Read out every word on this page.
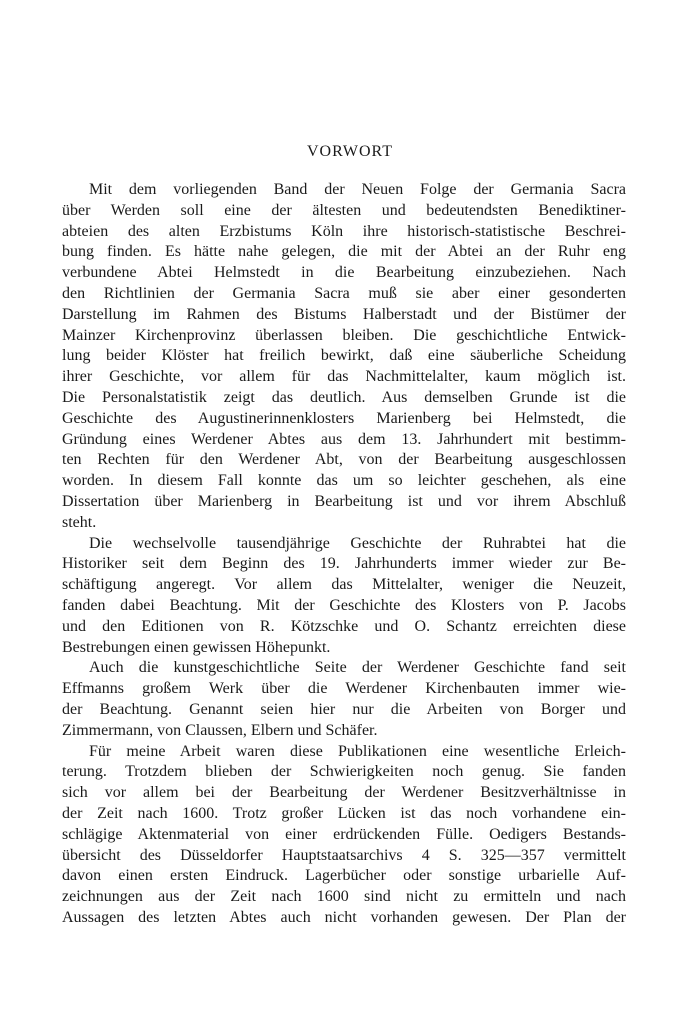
VORWORT
Mit dem vorliegenden Band der Neuen Folge der Germania Sacra
über Werden soll eine der ältesten und bedeutendsten Benediktiner-
abteien des alten Erzbistums Köln ihre historisch-statistische Beschrei-
bung finden. Es hätte nahe gelegen, die mit der Abtei an der Ruhr eng
verbundene Abtei Helmstedt in die Bearbeitung einzubeziehen. Nach
den Richtlinien der Germania Sacra muß sie aber einer gesonderten
Darstellung im Rahmen des Bistums Halberstadt und der Bistümer der
Mainzer Kirchenprovinz überlassen bleiben. Die geschichtliche Entwick-
lung beider Klöster hat freilich bewirkt, daß eine säuberliche Scheidung
ihrer Geschichte, vor allem für das Nachmittelalter, kaum möglich ist.
Die Personalstatistik zeigt das deutlich. Aus demselben Grunde ist die
Geschichte des Augustinerinnenklosters Marienberg bei Helmstedt, die
Gründung eines Werdener Abtes aus dem 13. Jahrhundert mit bestimm-
ten Rechten für den Werdener Abt, von der Bearbeitung ausgeschlossen
worden. In diesem Fall konnte das um so leichter geschehen, als eine
Dissertation über Marienberg in Bearbeitung ist und vor ihrem Abschluß
steht.
Die wechselvolle tausendjährige Geschichte der Ruhrabtei hat die
Historiker seit dem Beginn des 19. Jahrhunderts immer wieder zur Be-
schäftigung angeregt. Vor allem das Mittelalter, weniger die Neuzeit,
fanden dabei Beachtung. Mit der Geschichte des Klosters von P. Jacobs
und den Editionen von R. Kötzschke und O. Schantz erreichten diese
Bestrebungen einen gewissen Höhepunkt.
Auch die kunstgeschichtliche Seite der Werdener Geschichte fand seit
Effmanns großem Werk über die Werdener Kirchenbauten immer wie-
der Beachtung. Genannt seien hier nur die Arbeiten von Borger und
Zimmermann, von Claussen, Elbern und Schäfer.
Für meine Arbeit waren diese Publikationen eine wesentliche Erleich-
terung. Trotzdem blieben der Schwierigkeiten noch genug. Sie fanden
sich vor allem bei der Bearbeitung der Werdener Besitzverhältnisse in
der Zeit nach 1600. Trotz großer Lücken ist das noch vorhandene ein-
schlägige Aktenmaterial von einer erdrückenden Fülle. Oedigers Bestands-
übersicht des Düsseldorfer Hauptstaatsarchivs 4 S. 325—357 vermittelt
davon einen ersten Eindruck. Lagerbücher oder sonstige urbarielle Auf-
zeichnungen aus der Zeit nach 1600 sind nicht zu ermitteln und nach
Aussagen des letzten Abtes auch nicht vorhanden gewesen. Der Plan der
